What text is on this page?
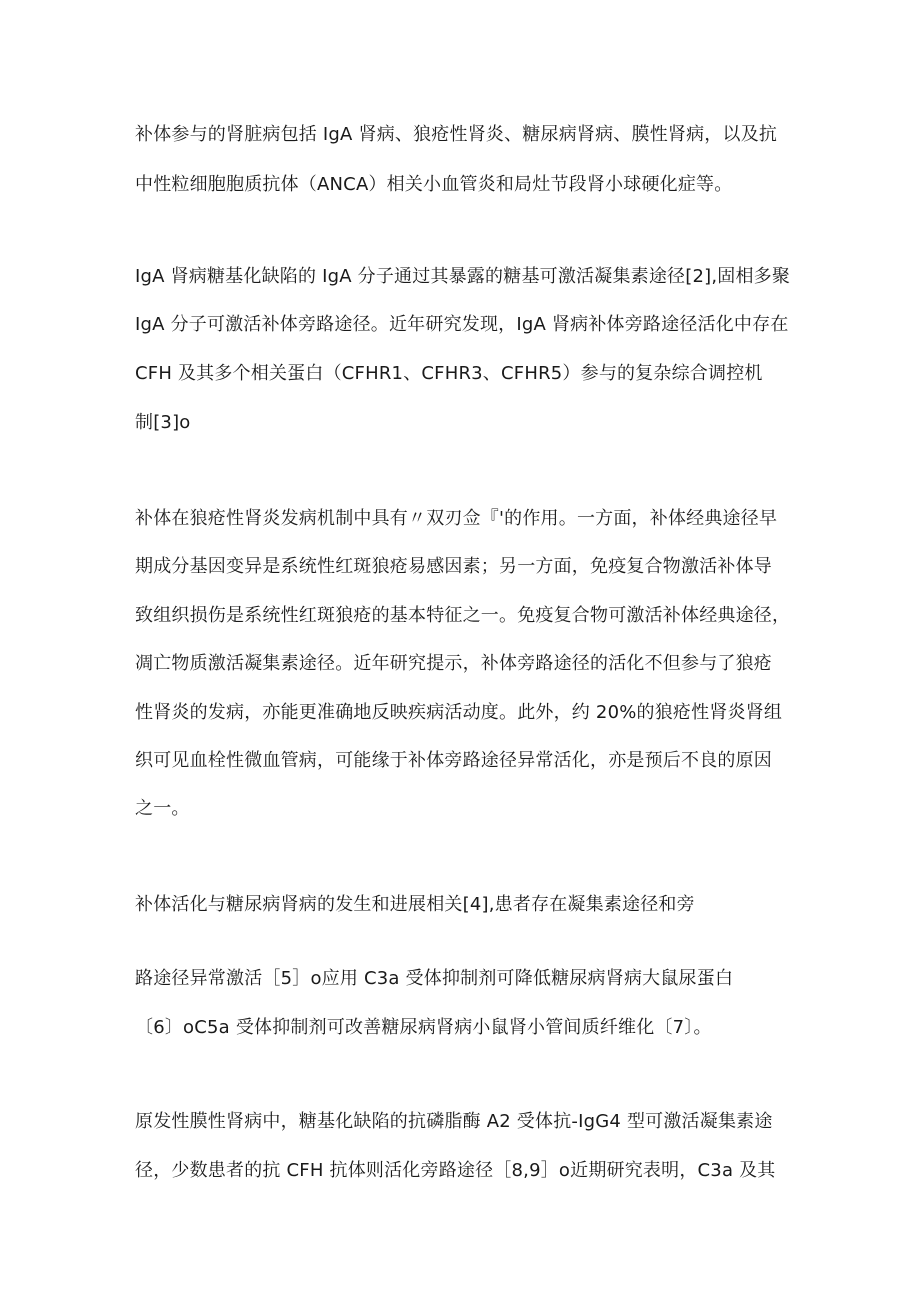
补体参与的肾脏病包括 IgA 肾病、狼疮性肾炎、糖尿病肾病、膜性肾病，以及抗

中性粒细胞胞质抗体（ANCA）相关小血管炎和局灶节段肾小球硬化症等。

IgA 肾病糖基化缺陷的 IgA 分子通过其暴露的糖基可激活凝集素途径[2],固相多聚

IgA 分子可激活补体旁路途径。近年研究发现，IgA 肾病补体旁路途径活化中存在

CFH 及其多个相关蛋白（CFHR1、CFHR3、CFHR5）参与的复杂综合调控机

制[3]o

补体在狼疮性肾炎发病机制中具有〃双刃佥『'的作用。一方面，补体经典途径早

期成分基因变异是系统性红斑狼疮易感因素；另一方面，免疫复合物激活补体导

致组织损伤是系统性红斑狼疮的基本特征之一。免疫复合物可激活补体经典途径，

凋亡物质激活凝集素途径。近年研究提示，补体旁路途径的活化不但参与了狼疮

性肾炎的发病，亦能更准确地反映疾病活动度。此外，约 20%的狼疮性肾炎肾组

织可见血栓性微血管病，可能缘于补体旁路途径异常活化，亦是预后不良的原因

之一。

补体活化与糖尿病肾病的发生和进展相关[4],患者存在凝集素途径和旁

路途径异常激活［5］o应用 C3a 受体抑制剂可降低糖尿病肾病大鼠尿蛋白

〔6〕oC5a 受体抑制剂可改善糖尿病肾病小鼠肾小管间质纤维化〔7〕。

原发性膜性肾病中，糖基化缺陷的抗磷脂酶 A2 受体抗-IgG4 型可激活凝集素途

径，少数患者的抗 CFH 抗体则活化旁路途径［8,9］o近期研究表明，C3a 及其
